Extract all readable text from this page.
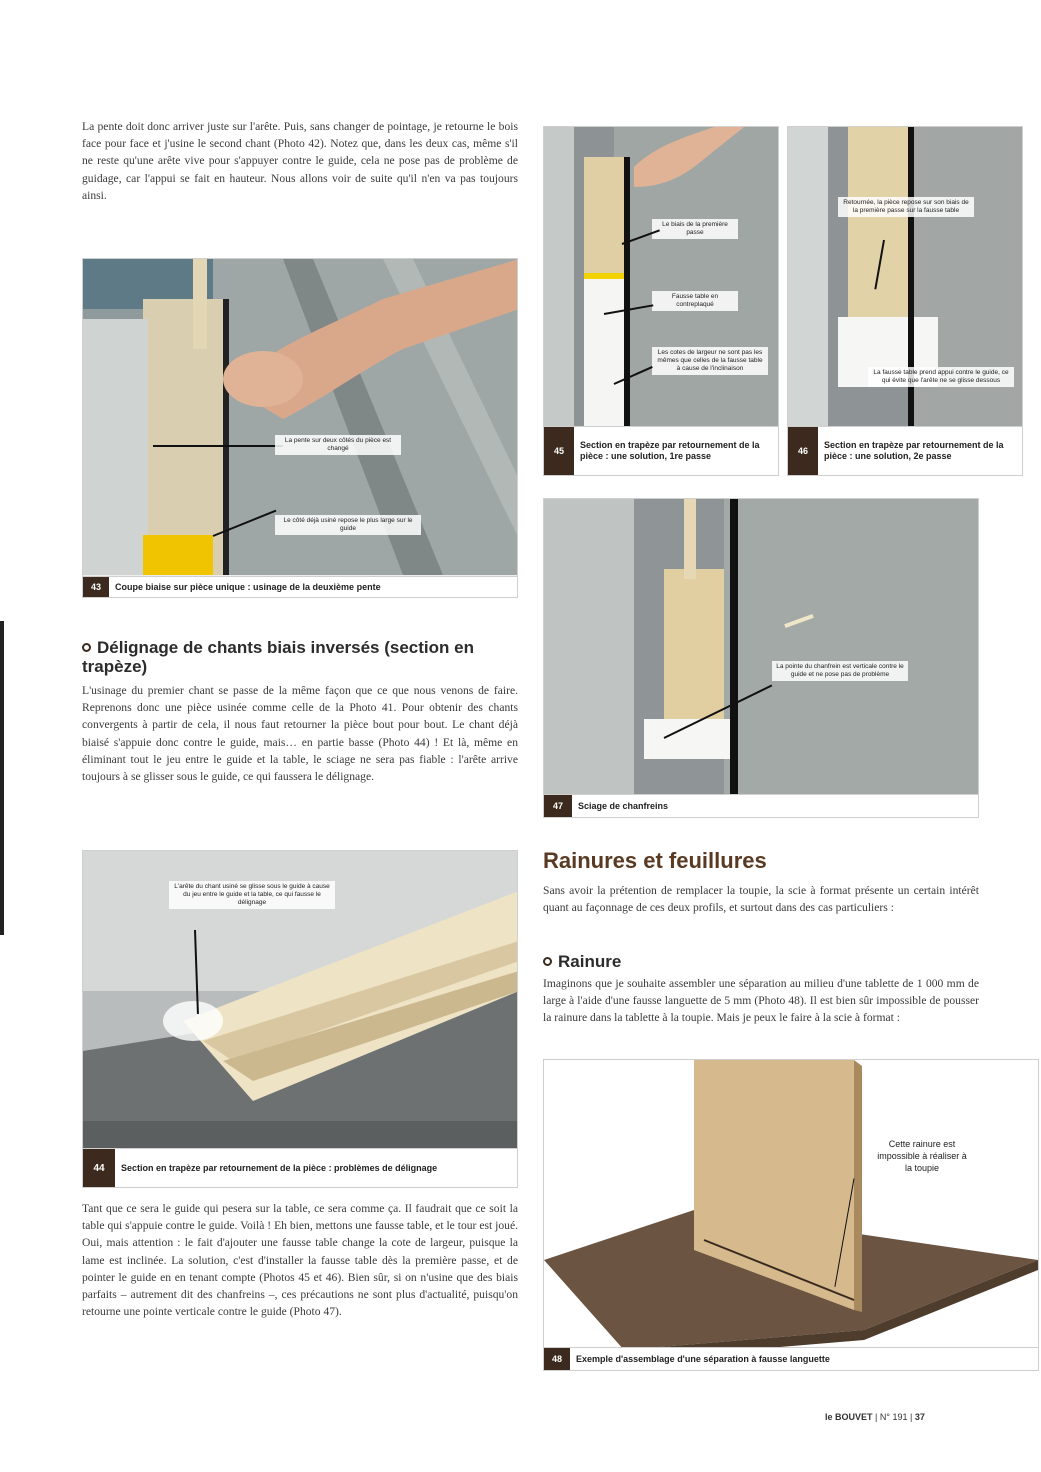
La pente doit donc arriver juste sur l'arête. Puis, sans changer de pointage, je retourne le bois face pour face et j'usine le second chant (Photo 42). Notez que, dans les deux cas, même s'il ne reste qu'une arête vive pour s'appuyer contre le guide, cela ne pose pas de problème de guidage, car l'appui se fait en hauteur. Nous allons voir de suite qu'il n'en va pas toujours ainsi.

La pente sur deux côtés du pièce est changé
Le côté déjà usiné repose le plus large sur le guide
43	Coupe biaise sur pièce unique : usinage de la deuxième pente
Délignage de chants biais inversés (section en trapèze)

L'usinage du premier chant se passe de la même façon que ce que nous venons de faire. Reprenons donc une pièce usinée comme celle de la Photo 41. Pour obtenir des chants convergents à partir de cela, il nous faut retourner la pièce bout pour bout. Le chant déjà biaisé s'appuie donc contre le guide, mais… en partie basse (Photo 44) ! Et là, même en éliminant tout le jeu entre le guide et la table, le sciage ne sera pas fiable : l'arête arrive toujours à se glisser sous le guide, ce qui faussera le délignage.

L'arête du chant usiné se glisse sous le guide à cause du jeu entre le guide et la table, ce qui fausse le délignage
44	Section en trapèze par retournement de la pièce : problèmes de délignage

Tant que ce sera le guide qui pesera sur la table, ce sera comme ça. Il faudrait que ce soit la table qui s'appuie contre le guide. Voilà ! Eh bien, mettons une fausse table, et le tour est joué. Oui, mais attention : le fait d'ajouter une fausse table change la cote de largeur, puisque la lame est inclinée. La solution, c'est d'installer la fausse table dès la première passe, et de pointer le guide en en tenant compte (Photos 45 et 46). Bien sûr, si on n'usine que des biais parfaits – autrement dit des chanfreins –, ces précautions ne sont plus d'actualité, puisqu'on retourne une pointe verticale contre le guide (Photo 47).

Le biais de la première passe
Fausse table en contreplaqué
Les cotes de largeur ne sont pas les mêmes que celles de la fausse table à cause de l'inclinaison
45
Section en trapèze par retournement de la pièce : une solution, 1re passe
Retournée, la pièce repose sur son biais de la première passe sur la fausse table
La fausse table prend appui contre le guide, ce qui évite que l'arête ne se glisse dessous
46
Section en trapèze par retournement de la pièce : une solution, 2e passe
La pointe du chanfrein est verticale contre le guide et ne pose pas de problème
47	Sciage de chanfreins
Rainures et feuillures

Sans avoir la prétention de remplacer la toupie, la scie à format présente un certain intérêt quant au façonnage de ces deux profils, et surtout dans des cas particuliers :

Rainure

Imaginons que je souhaite assembler une séparation au milieu d'une tablette de 1 000 mm de large à l'aide d'une fausse languette de 5 mm (Photo 48). Il est bien sûr impossible de pousser la rainure dans la tablette à la toupie. Mais je peux le faire à la scie à format :

Cette rainure est impossible à réaliser à la toupie
48	Exemple d'assemblage d'une séparation à fausse languette
le BOUVET | N° 191 | 37
